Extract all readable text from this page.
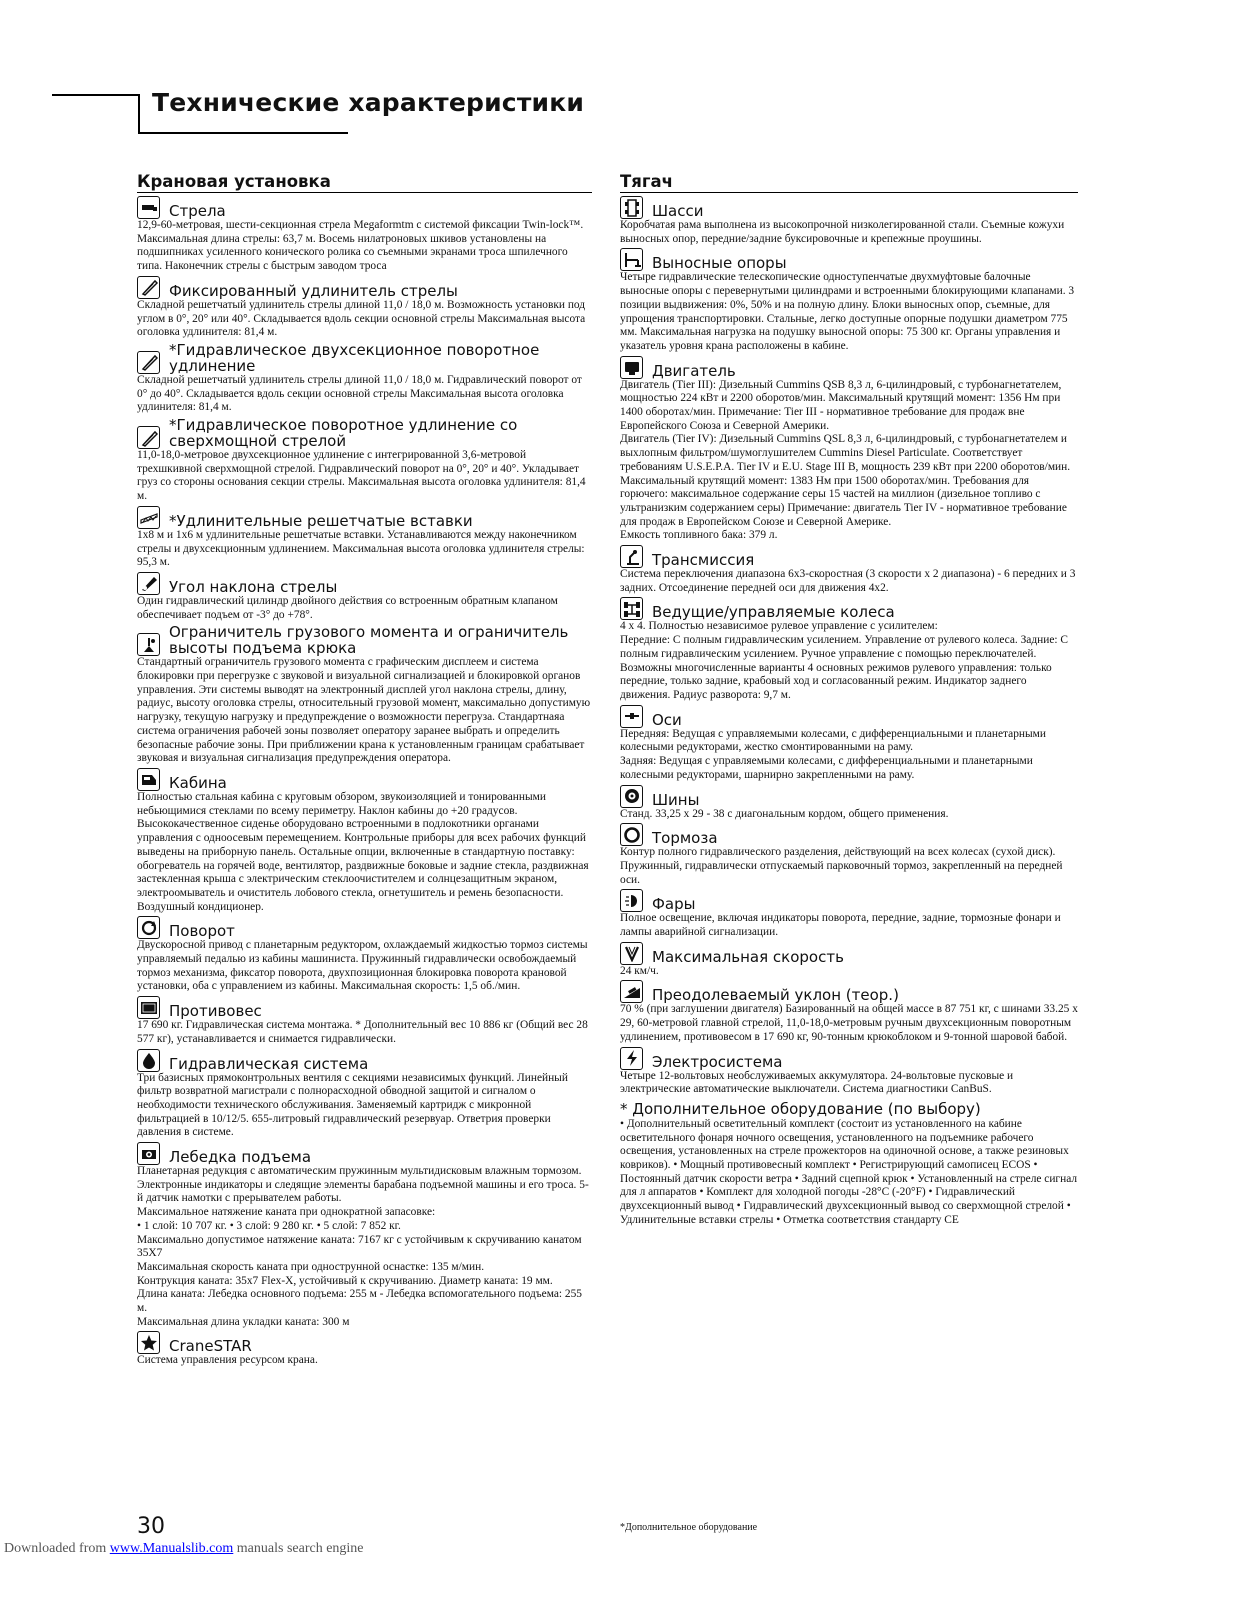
Технические характеристики
Крановая установка
Стрела

12,9-60-метровая, шести-секционная стрела Megaformtm с системой фиксации Twin-lock™. Максимальная длина стрелы: 63,7 м. Восемь нилатроновых шкивов установлены на подшипниках усиленного конического ролика со съемными экранами троса шпилечного типа. Наконечник стрелы с быстрым заводом троса

Фиксированный удлинитель стрелы

Складной решетчатый удлинитель стрелы длиной 11,0 / 18,0 м. Возможность установки под углом в 0°, 20° или 40°. Складывается вдоль секции основной стрелы Максимальная высота оголовка удлинителя: 81,4 м.

*Гидравлическое двухсекционное поворотное удлинение

Складной решетчатый удлинитель стрелы длиной 11,0 / 18,0 м. Гидравлический поворот от 0° до 40°. Складывается вдоль секции основной стрелы Максимальная высота оголовка удлинителя: 81,4 м.

*Гидравлическое поворотное удлинение со сверхмощной стрелой

11,0-18,0-метровое двухсекционное удлинение с интегрированной 3,6-метровой трехшкивной сверхмощной стрелой. Гидравлический поворот на 0°, 20° и 40°. Укладывает груз со стороны основания секции стрелы. Максимальная высота оголовка удлинителя: 81,4 м.

*Удлинительные решетчатые вставки

1х8 м и 1х6 м удлинительные решетчатые вставки. Устанавливаются между наконечником стрелы и двухсекционным удлинением. Максимальная высота оголовка удлинителя стрелы: 95,3 м.

Угол наклона стрелы

Один гидравлический цилиндр двойного действия со встроенным обратным клапаном обеспечивает подъем от -3° до +78°.

Ограничитель грузового момента и ограничитель высоты подъема крюка

Стандартный ограничитель грузового момента с графическим дисплеем и система блокировки при перегрузке с звуковой и визуальной сигнализацией и блокировкой органов управления. Эти системы выводят на электронный дисплей угол наклона стрелы, длину, радиус, высоту оголовка стрелы, относительный грузовой момент, максимально допустимую нагрузку, текущую нагрузку и предупреждение о возможности перегруза. Стандартнаяа система ограничения рабочей зоны позволяет оператору заранее выбрать и определить безопасные рабочие зоны. При приближении крана к установленным границам срабатывает звуковая и визуальная сигнализация предупреждения оператора.

Кабина

Полностью стальная кабина с круговым обзором, звукоизоляцией и тонированными небьющимися стеклами по всему периметру. Наклон кабины до +20 градусов. Высококачественное сиденье оборудовано встроенными в подлокотники органами управления с одноосевым перемещением. Контрольные приборы для всех рабочих функций выведены на приборную панель. Остальные опции, включенные в стандартную поставку: обогреватель на горячей воде, вентилятор, раздвижные боковые и задние стекла, раздвижная застекленная крыша с электрическим стеклоочистителем и солнцезащитным экраном, электроомыватель и очиститель лобового стекла, огнетушитель и ремень безопасности. Воздушный кондиционер.

Поворот

Двускоросной привод с планетарным редуктором, охлаждаемый жидкостью тормоз системы управляемый педалью из кабины машиниста. Пружинный гидравлически освобождаемый тормоз механизма, фиксатор поворота, двухпозиционная блокировка поворота крановой установки, оба с управлением из кабины. Максимальная скорость: 1,5 об./мин.

Противовес

17 690 кг. Гидравлическая система монтажа. * Дополнительный вес 10 886 кг (Общий вес 28 577 кг), устанавливается и снимается гидравлически.

Гидравлическая система

Три базисных прямоконтрольных вентиля с секциями независимых функций. Линейный фильтр возвратной магистрали с полнорасходной обводной защитой и сигналом о необходимости технического обслуживания. Заменяемый картридж с микронной фильтрацией в 10/12/5. 655-литровый гидравлический резервуар. Ответрия проверки давления в системе.

Лебедка подъема

Планетарная редукция с автоматическим пружинным мультидисковым влажным тормозом. Электронные индикаторы и следящие элементы барабана подъемной машины и его троса. 5-й датчик намотки с прерывателем работы.

Максимальное натяжение каната при однократной запасовке:

• 1 слой: 10 707 кг. • 3 слой: 9 280 кг. • 5 слой: 7 852 кг.

Максимально допустимое натяжение каната: 7167 кг с устойчивым к скручиванию канатом 35X7

Максимальная скорость каната при однострунной оснастке: 135 м/мин.

Контрукция каната: 35x7 Flex-X, устойчивый к скручиванию. Диаметр каната: 19 мм.

Длина каната: Лебедка основного подъема: 255 м - Лебедка вспомогательного подъема: 255 м.

Максимальная длина укладки каната: 300 м

CraneSTAR

Система управления ресурсом крана.

Тягач
Шасси

Коробчатая рама выполнена из высокопрочной низколегированной стали. Съемные кожухи выносных опор, передние/задние буксировочные и крепежные проушины.

Выносные опоры

Четыре гидравлические телескопические одноступенчатые двухмуфтовые балочные выносные опоры с перевернутыми цилиндрами и встроенными блокирующими клапанами. 3 позиции выдвижения: 0%, 50% и на полную длину. Блоки выносных опор, съемные, для упрощения транспортировки. Стальные, легко доступные опорные подушки диаметром 775 мм. Максимальная нагрузка на подушку выносной опоры: 75 300 кг. Органы управления и указатель уровня крана расположены в кабине.

Двигатель

Двигатель (Tier III): Дизельный Cummins QSB 8,3 л, 6-цилиндровый, с турбонагнетателем, мощностью 224 кВт и 2200 оборотов/мин. Максимальный крутящий момент: 1356 Нм при 1400 оборотах/мин. Примечание: Tier III - нормативное требование для продаж вне Европейского Союза и Северной Америки.

Двигатель (Tier IV): Дизельный Cummins QSL 8,3 л, 6-цилиндровый, с турбонагнетателем и выхлопным фильтром/шумоглушителем Cummins Diesel Particulate. Соответствует требованиям U.S.E.P.A. Tier IV и E.U. Stage III B, мощность 239 кВт при 2200 оборотов/мин. Максимальный крутящий момент: 1383 Нм при 1500 оборотах/мин. Требования для горючего: максимальное содержание серы 15 частей на миллион (дизельное топливо с ультранизким содержанием серы) Примечание: двигатель Tier IV - нормативное требование для продаж в Европейском Союзе и Северной Америке.

Емкость топливного бака: 379 л.

Трансмиссия

Система переключения диапазона 6х3-скоростная (3 скорости х 2 диапазона) - 6 передних и 3 задних. Отсоединение передней оси для движения 4х2.

Ведущие/управляемые колеса

4 x 4. Полностью независимое рулевое управление с усилителем:

Передние: С полным гидравлическим усилением. Управление от рулевого колеса. Задние: С полным гидравлическим усилением. Ручное управление с помощью переключателей.

Возможны многочисленные варианты 4 основных режимов рулевого управления: только передние, только задние, крабовый ход и согласованный режим. Индикатор заднего движения. Радиус разворота: 9,7 м.

Оси

Передняя: Ведущая с управляемыми колесами, с дифференциальными и планетарными колесными редукторами, жестко смонтированными на раму.

Задняя: Ведущая с управляемыми колесами, с дифференциальными и планетарными колесными редукторами, шарнирно закрепленными на раму.

Шины

Станд. 33,25 x 29 - 38 с диагональным кордом, общего применения.

Тормоза

Контур полного гидравлического разделения, действующий на всех колесах (сухой диск). Пружинный, гидравлически отпускаемый парковочный тормоз, закрепленный на передней оси.

Фары

Полное освещение, включая индикаторы поворота, передние, задние, тормозные фонари и лампы аварийной сигнализации.

Максимальная скорость

24 км/ч.

Преодолеваемый уклон (теор.)

70 % (при заглушении двигателя) Базированный на общей массе в 87 751 кг, с шинами 33.25 x 29, 60-метровой главной стрелой, 11,0-18,0-метровым ручным двухсекционным поворотным удлинением, противовесом в 17 690 кг, 90-тонным крюкоблоком и 9-тонной шаровой бабой.

Электросистема

Четыре 12-вольтовых необслуживаемых аккумулятора. 24-вольтовые пусковые и электрические автоматические выключатели. Система диагностики CanBuS.

* Дополнительное оборудование (по выбору)
• Дополнительный осветительный комплект (состоит из установленного на кабине осветительного фонаря ночного освещения, установленного на подъемнике рабочего освещения, установленных на стреле прожекторов на одиночной основе, а также резиновых ковриков). • Мощный противовесный комплект • Регистрирующий самописец ECOS • Постоянный датчик скорости ветра • Задний сцепной крюк • Установленный на стреле сигнал для л аппаратов • Комплект для холодной погоды -28°C (-20°F) • Гидравлический двухсекционный вывод • Гидравлический двухсекционный вывод со сверхмощной стрелой • Удлинительные вставки стрелы • Отметка соответствия стандарту CE
30	*Дополнительное оборудование
Downloaded from www.Manualslib.com manuals search engine
